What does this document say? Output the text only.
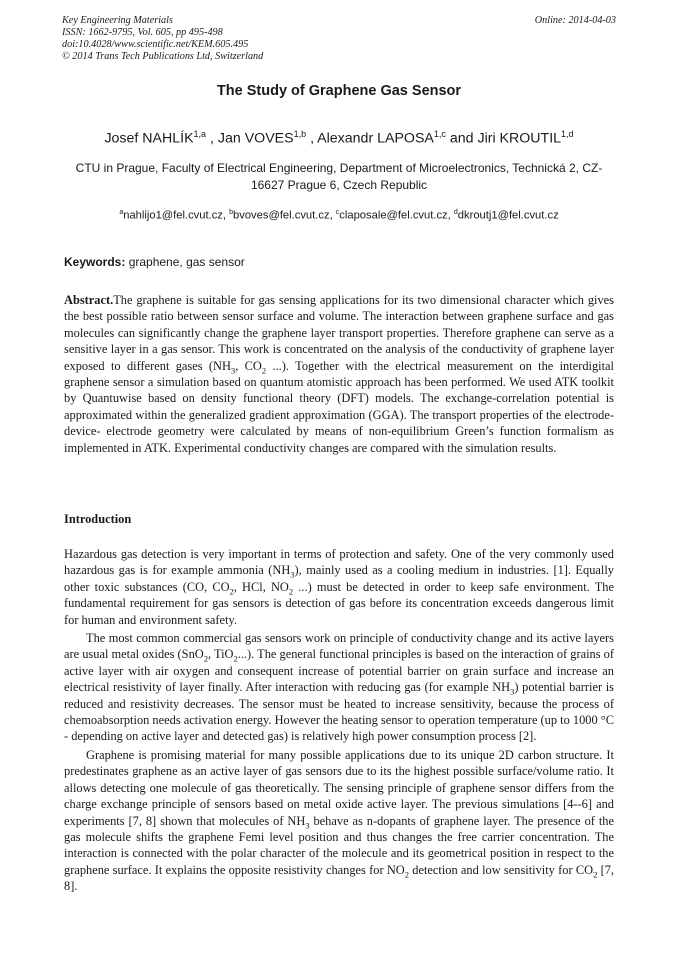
Key Engineering Materials
ISSN: 1662-9795, Vol. 605, pp 495-498
doi:10.4028/www.scientific.net/KEM.605.495
© 2014 Trans Tech Publications Ltd, Switzerland
Online: 2014-04-03
The Study of Graphene Gas Sensor
Josef NAHLÍK$^{1,a}$ , Jan VOVES$^{1,b}$ , Alexandr LAPOSA$^{1,c}$ and Jiri KROUTIL$^{1,d}$
CTU in Prague, Faculty of Electrical Engineering, Department of Microelectronics, Technická 2, CZ-16627 Prague 6, Czech Republic
$^a$nahlijo1@fel.cvut.cz, $^b$bvoves@fel.cvut.cz, $^c$claposale@fel.cvut.cz, $^d$dkroutj1@fel.cvut.cz
Keywords: graphene, gas sensor
Abstract.The graphene is suitable for gas sensing applications for its two dimensional character which gives the best possible ratio between sensor surface and volume. The interaction between graphene surface and gas molecules can significantly change the graphene layer transport properties. Therefore graphene can serve as a sensitive layer in a gas sensor. This work is concentrated on the analysis of the conductivity of graphene layer exposed to different gases ($NH_3$, $CO_2$ ...). Together with the electrical measurement on the interdigital graphene sensor a simulation based on quantum atomistic approach has been performed. We used ATK toolkit by Quantuwise based on density functional theory (DFT) models. The exchange-correlation potential is approximated within the generalized gradient approximation (GGA). The transport properties of the electrode-device- electrode geometry were calculated by means of non-equilibrium Green’s function formalism as implemented in ATK. Experimental conductivity changes are compared with the simulation results.
Introduction

Hazardous gas detection is very important in terms of protection and safety. One of the very commonly used hazardous gas is for example ammonia $(NH_3)$, mainly used as a cooling medium in industries. [1]. Equally other toxic substances (CO, $CO_2$, HCl, $NO_2$ ...) must be detected in order to keep safe environment. The fundamental requirement for gas sensors is detection of gas before its concentration exceeds dangerous limit for human and environment safety.

The most common commercial gas sensors work on principle of conductivity change and its active layers are usual metal oxides (SnO$_2$, TiO$_2$...). The general functional principles is based on the interaction of grains of active layer with air oxygen and consequent increase of potential barrier on grain surface and increase an electrical resistivity of layer finally. After interaction with reducing gas (for example $NH_3$) potential barrier is reduced and resistivity decreases. The sensor must be heated to increase sensitivity, because the process of chemoabsorption needs activation energy. However the heating sensor to operation temperature (up to 1000 °C - depending on active layer and detected gas) is relatively high power consumption process [2].

Graphene is promising material for many possible applications due to its unique 2D carbon structure. It predestinates graphene as an active layer of gas sensors due to its the highest possible surface/volume ratio. It allows detecting one molecule of gas theoretically. The sensing principle of graphene sensor differs from the charge exchange principle of sensors based on metal oxide active layer. The previous simulations [4--6] and experiments [7, 8] shown that molecules of $NH_3$ behave as n-dopants of graphene layer. The presence of the gas molecule shifts the graphene Femi level position and thus changes the free carrier concentration. The interaction is connected with the polar character of the molecule and its geometrical position in respect to the graphene surface. It explains the opposite resistivity changes for $NO_2$ detection and low sensitivity for $CO_2$ [7, 8].
